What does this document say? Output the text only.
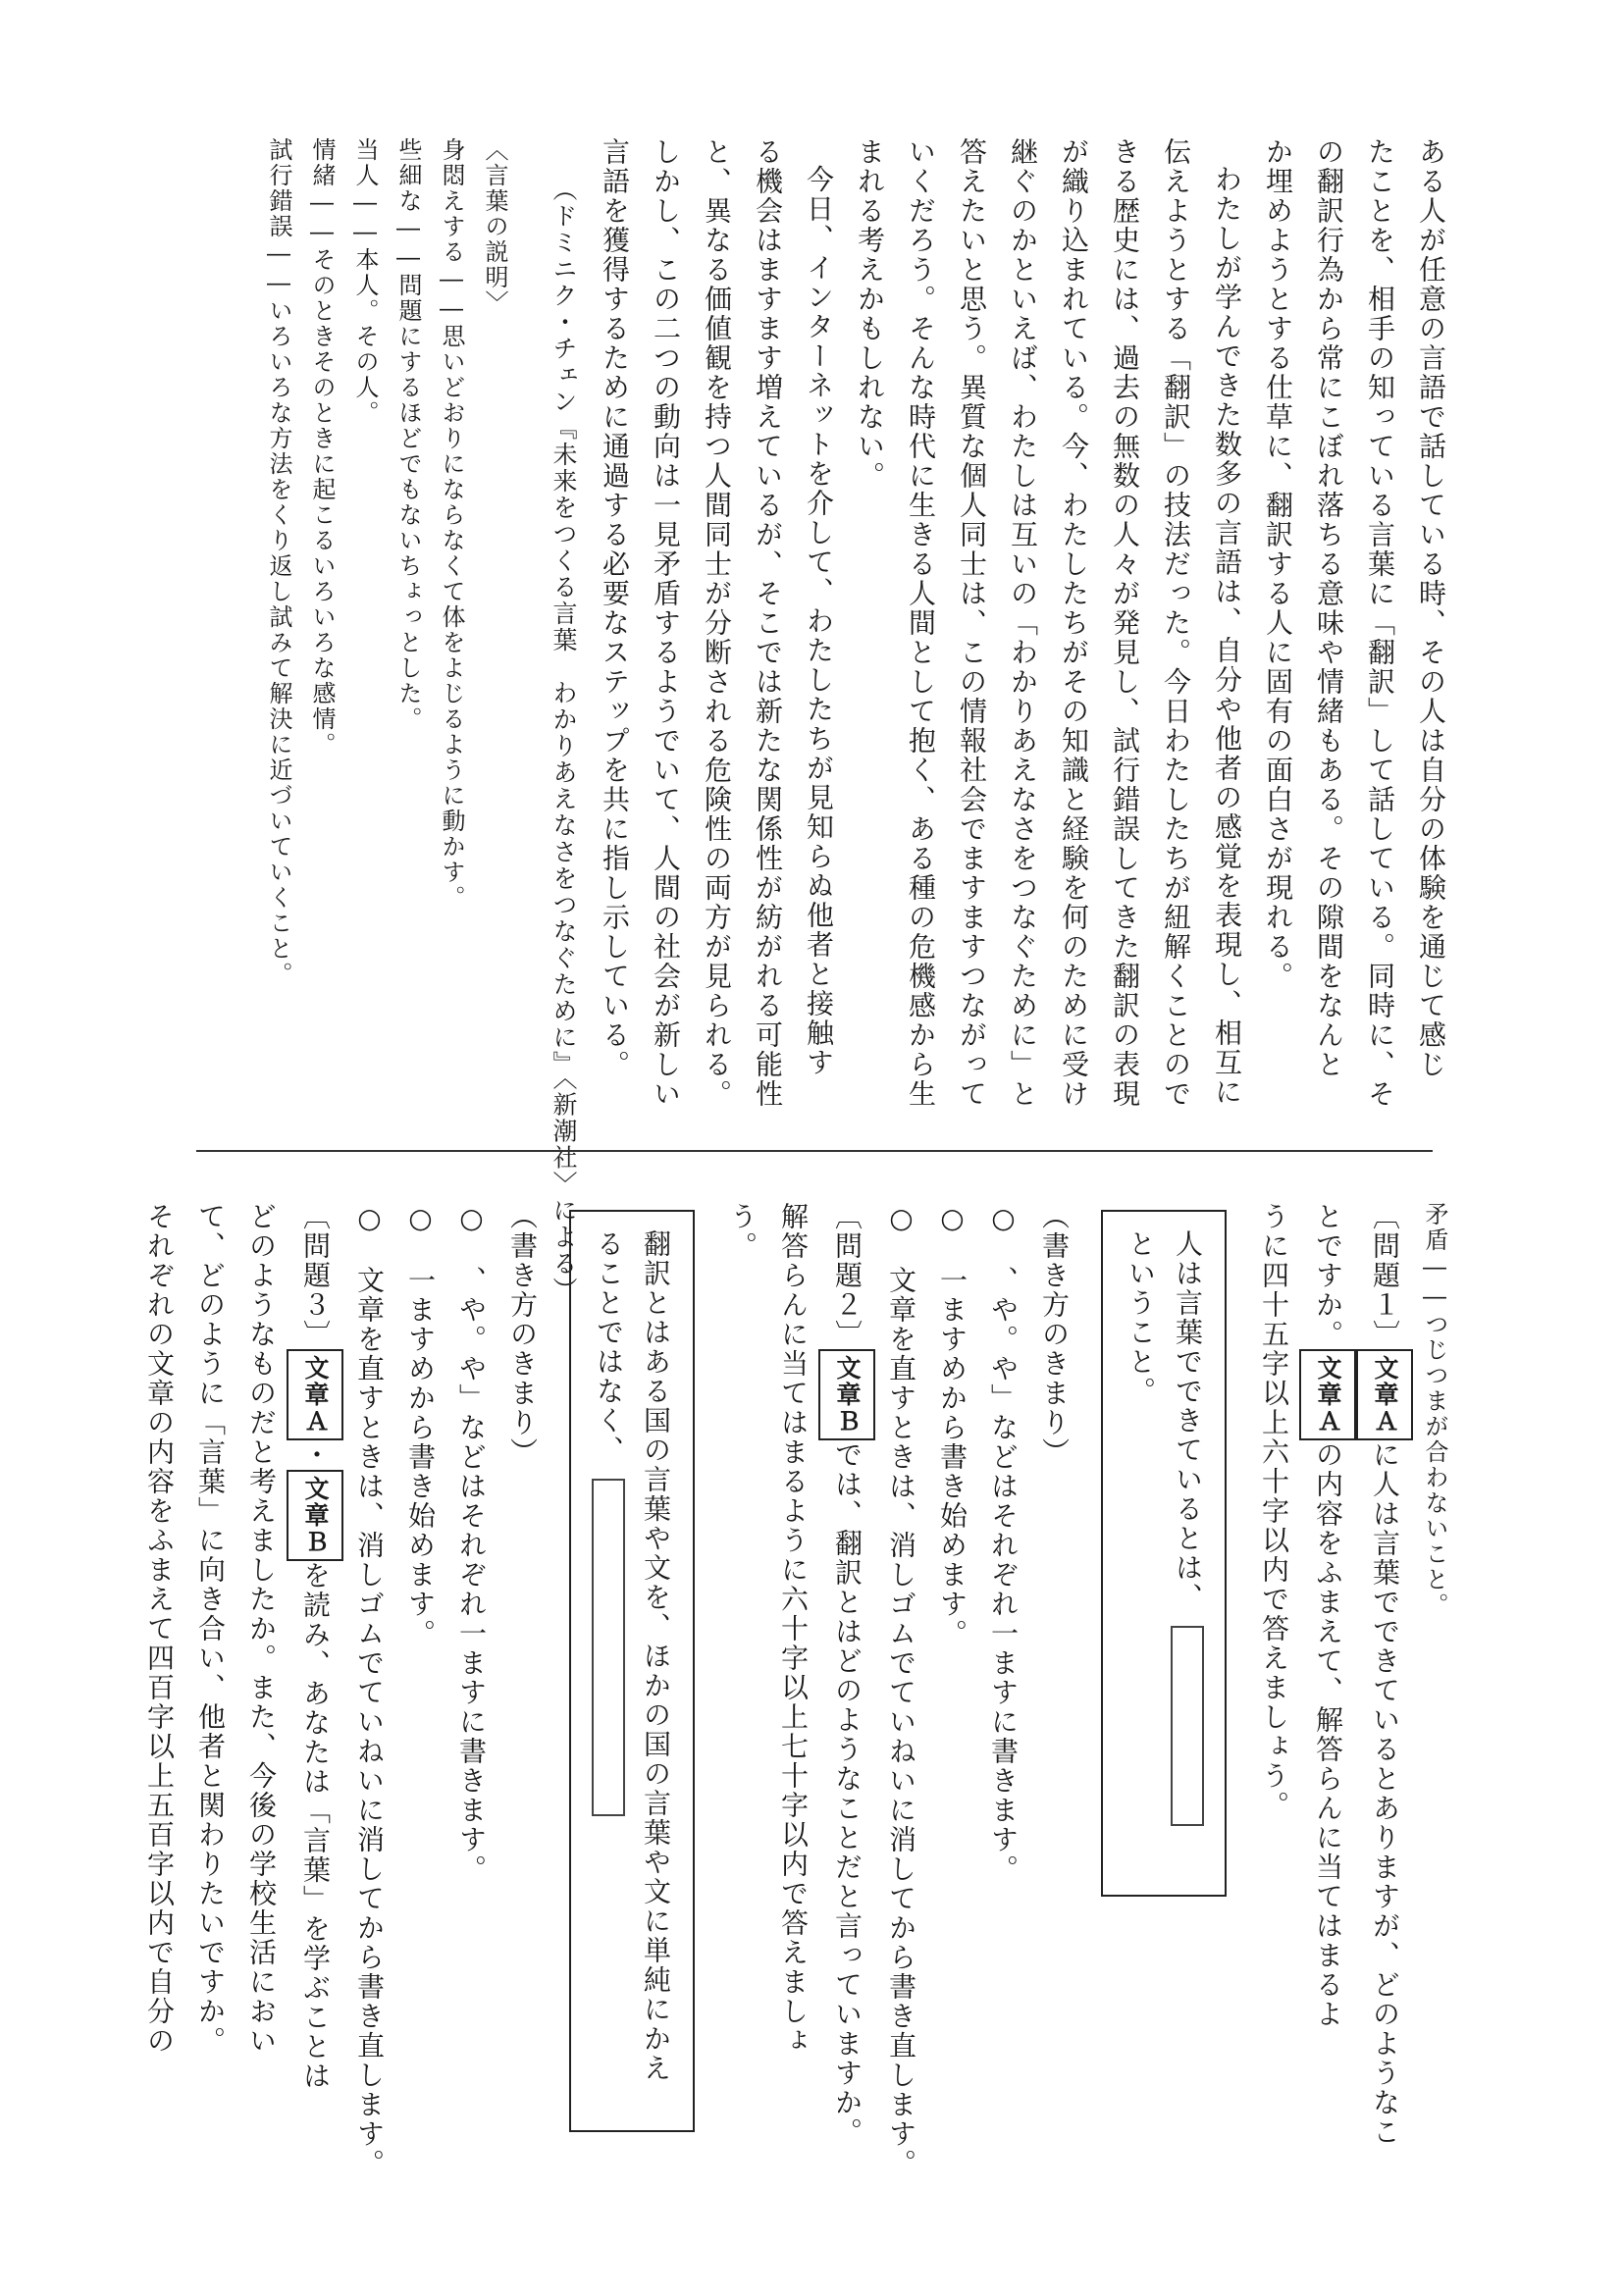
ある人が任意の言語で話している時、その人は自分の体験を通じて感じ
たことを、相手の知っている言葉に「翻訳」して話している。同時に、そ
の翻訳行為から常にこぼれ落ちる意味や情緒もある。その隙間をなんと
か埋めようとする仕草に、翻訳する人に固有の面白さが現れる。
わたしが学んできた数多の言語は、自分や他者の感覚を表現し、相互に
伝えようとする「翻訳」の技法だった。今日わたしたちが紐解くことので
きる歴史には、過去の無数の人々が発見し、試行錯誤してきた翻訳の表現
が織り込まれている。今、わたしたちがその知識と経験を何のために受け
継ぐのかといえば、わたしは互いの「わかりあえなさをつなぐために」と
答えたいと思う。異質な個人同士は、この情報社会でますますつながって
いくだろう。そんな時代に生きる人間として抱く、ある種の危機感から生
まれる考えかもしれない。
今日、インターネットを介して、わたしたちが見知らぬ他者と接触す
る機会はますます増えているが、そこでは新たな関係性が紡がれる可能性
と、異なる価値観を持つ人間同士が分断される危険性の両方が見られる。
しかし、この二つの動向は一見矛盾するようでいて、人間の社会が新しい
言語を獲得するために通過する必要なステップを共に指し示している。
（ドミニク・チェン『未来をつくる言葉　わかりあえなさをつなぐために』〈新潮社〉による）
〈言葉の説明〉
身悶えする――思いどおりにならなくて体をよじるように動かす。
些細な――問題にするほどでもないちょっとした。
当人――本人。その人。
情緒――そのときそのときに起こるいろいろな感情。
試行錯誤――いろいろな方法をくり返し試みて解決に近づいていくこと。
矛盾――つじつまが合わないこと。
〔問題１〕文章Ａに人は言葉でできているとありますが、どのようなこ
とですか。文章Ａの内容をふまえて、解答らんに当てはまるよ
うに四十五字以上六十字以内で答えましょう。
人は言葉でできているとは、
ということ。
（書き方のきまり）
○　、や。や」などはそれぞれ一ますに書きます。
○　一ますめから書き始めます。
○　文章を直すときは、消しゴムでていねいに消してから書き直します。
〔問題２〕文章Ｂでは、翻訳とはどのようなことだと言っていますか。
解答らんに当てはまるように六十字以上七十字以内で答えましょ
う。
翻訳とはある国の言葉や文を、ほかの国の言葉や文に単純にかえ
ることではなく、
（書き方のきまり）
○　、や。や」などはそれぞれ一ますに書きます。
○　一ますめから書き始めます。
○　文章を直すときは、消しゴムでていねいに消してから書き直します。
〔問題３〕文章Ａ・文章Ｂを読み、あなたは「言葉」を学ぶことは
どのようなものだと考えましたか。また、今後の学校生活におい
て、どのように「言葉」に向き合い、他者と関わりたいですか。
それぞれの文章の内容をふまえて四百字以上五百字以内で自分の
